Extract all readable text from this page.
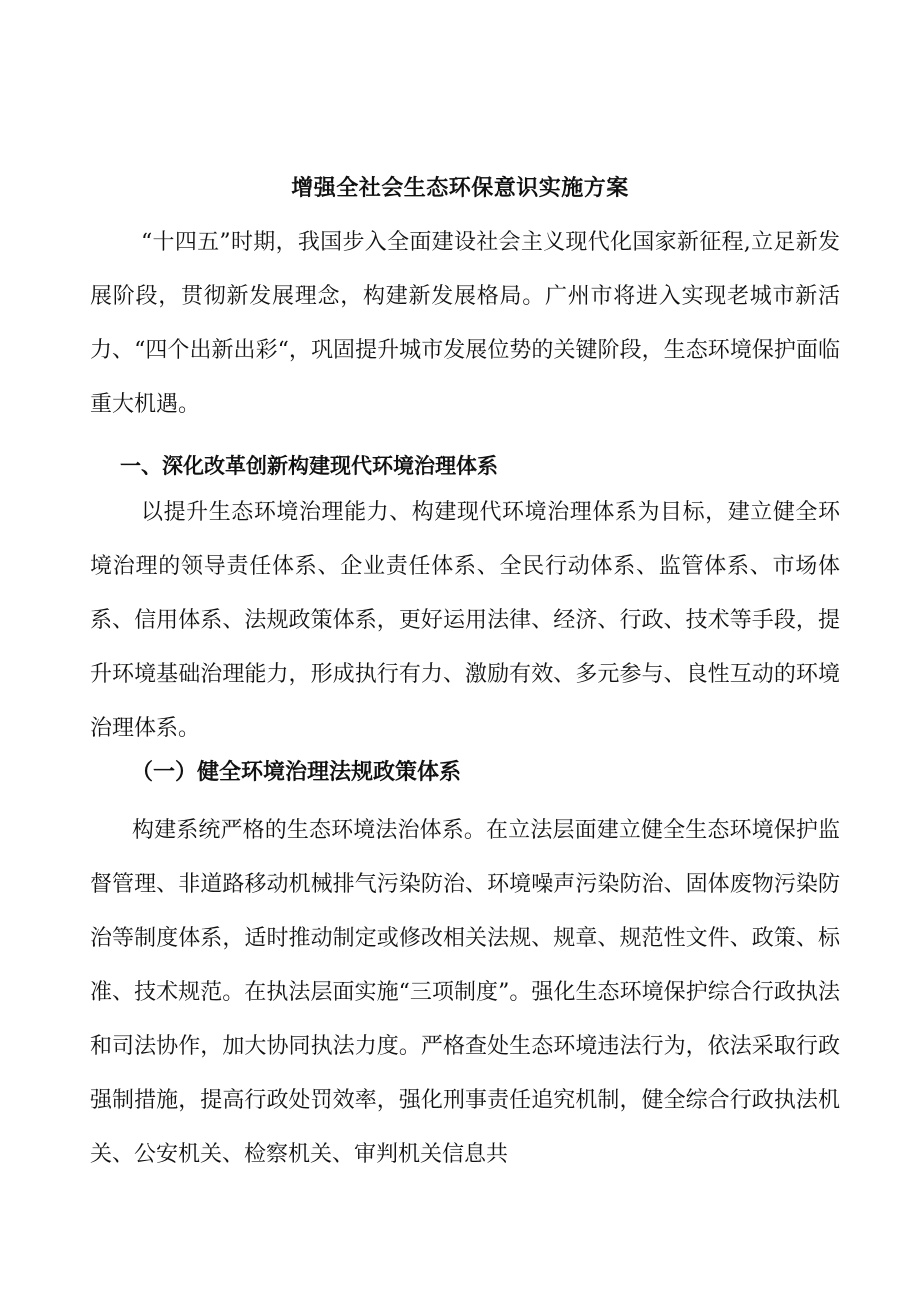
增强全社会生态环保意识实施方案

“十四五”时期，我国步入全面建设社会主义现代化国家新征程,立足新发展阶段，贯彻新发展理念，构建新发展格局。广州市将进入实现老城市新活力、“四个出新出彩“，巩固提升城市发展位势的关键阶段，生态环境保护面临重大机遇。

一、深化改革创新构建现代环境治理体系

以提升生态环境治理能力、构建现代环境治理体系为目标，建立健全环境治理的领导责任体系、企业责任体系、全民行动体系、监管体系、市场体系、信用体系、法规政策体系，更好运用法律、经济、行政、技术等手段，提升环境基础治理能力，形成执行有力、激励有效、多元参与、良性互动的环境治理体系。

（一）健全环境治理法规政策体系

构建系统严格的生态环境法治体系。在立法层面建立健全生态环境保护监督管理、非道路移动机械排气污染防治、环境噪声污染防治、固体废物污染防治等制度体系，适时推动制定或修改相关法规、规章、规范性文件、政策、标准、技术规范。在执法层面实施“三项制度”。强化生态环境保护综合行政执法和司法协作，加大协同执法力度。严格查处生态环境违法行为，依法采取行政强制措施，提高行政处罚效率，强化刑事责任追究机制，健全综合行政执法机关、公安机关、检察机关、审判机关信息共
